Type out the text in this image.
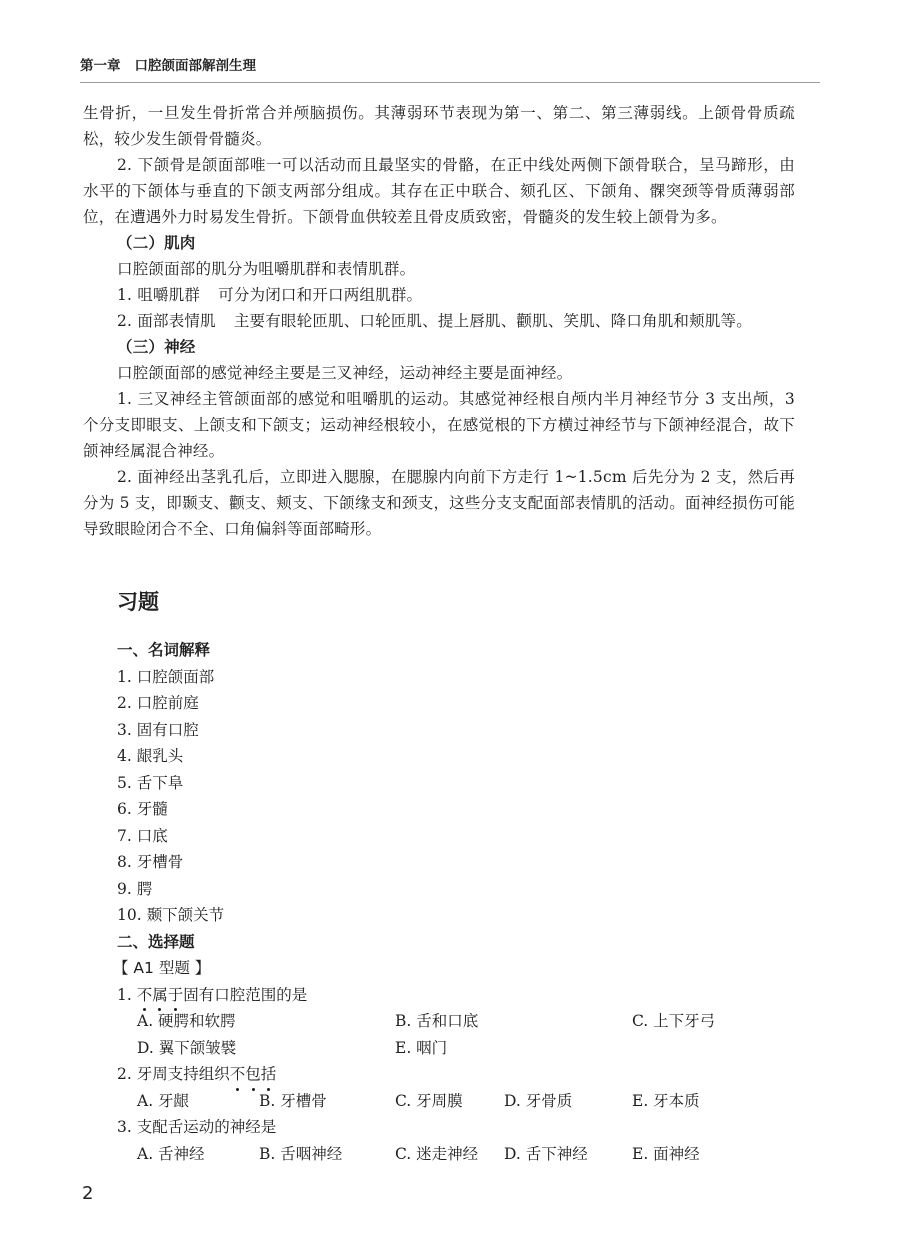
第一章 口腔颌面部解剖生理

生骨折，一旦发生骨折常合并颅脑损伤。其薄弱环节表现为第一、第二、第三薄弱线。上颌骨骨质疏松，较少发生颌骨骨髓炎。

2. 下颌骨是颌面部唯一可以活动而且最坚实的骨骼，在正中线处两侧下颌骨联合，呈马蹄形，由水平的下颌体与垂直的下颌支两部分组成。其存在正中联合、颏孔区、下颌角、髁突颈等骨质薄弱部位，在遭遇外力时易发生骨折。下颌骨血供较差且骨皮质致密，骨髓炎的发生较上颌骨为多。

（二）肌肉

口腔颌面部的肌分为咀嚼肌群和表情肌群。

1. 咀嚼肌群 可分为闭口和开口两组肌群。

2. 面部表情肌 主要有眼轮匝肌、口轮匝肌、提上唇肌、颧肌、笑肌、降口角肌和颊肌等。

（三）神经

口腔颌面部的感觉神经主要是三叉神经，运动神经主要是面神经。

1. 三叉神经主管颌面部的感觉和咀嚼肌的运动。其感觉神经根自颅内半月神经节分 3 支出颅，3 个分支即眼支、上颌支和下颌支；运动神经根较小，在感觉根的下方横过神经节与下颌神经混合，故下颌神经属混合神经。

2. 面神经出茎乳孔后，立即进入腮腺，在腮腺内向前下方走行 1~1.5cm 后先分为 2 支，然后再分为 5 支，即颞支、颧支、颊支、下颌缘支和颈支，这些分支支配面部表情肌的活动。面神经损伤可能导致眼睑闭合不全、口角偏斜等面部畸形。

习题
一、名词解释
1. 口腔颌面部
2. 口腔前庭
3. 固有口腔
4. 龈乳头
5. 舌下阜
6. 牙髓
7. 口底
8. 牙槽骨
9. 腭
10. 颞下颌关节
二、选择题
【 A1 型题 】
1. 不属于
固有口腔范围的是
A. 硬腭和软腭	B. 舌和口底	C. 上下牙弓
D. 翼下颌皱襞	E. 咽门
2. 牙周支持组织不包括
A. 牙龈	B. 牙槽骨	C. 牙周膜	D. 牙骨质	E. 牙本质
3. 支配舌运动的神经是
A. 舌神经	B. 舌咽神经	C. 迷走神经 D. 舌下神经	E. 面神经
2
